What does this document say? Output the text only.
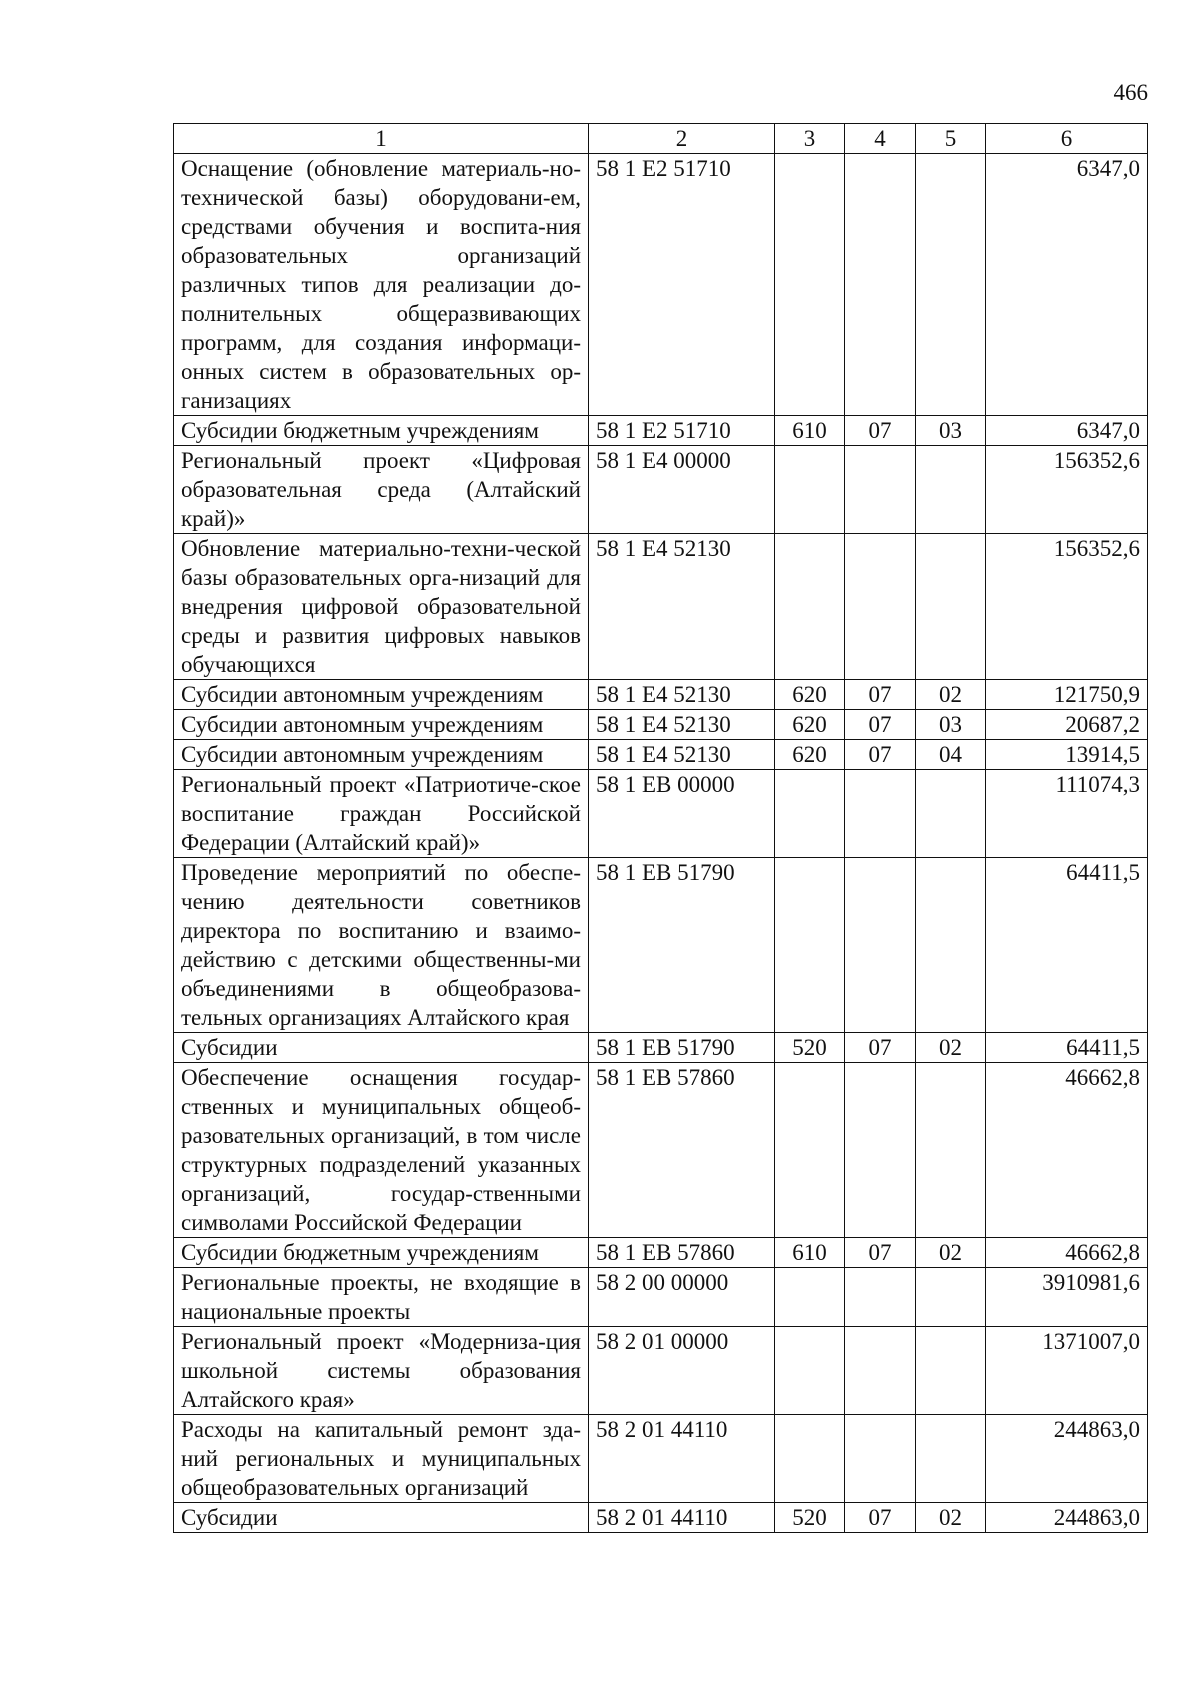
466
1	2	3	4	5	6
Оснащение (обновление материаль-но-технической базы) оборудовани-ем, средствами обучения и воспита-ния образовательных организаций различных типов для реализации до-полнительных общеразвивающих программ, для создания информаци-онных систем в образовательных ор-ганизациях	58 1 E2 51710				6347,0
Субсидии бюджетным учреждениям	58 1 E2 51710	610	07	03	6347,0
Региональный проект «Цифровая образовательная среда (Алтайский край)»	58 1 E4 00000				156352,6
Обновление материально-техни-ческой базы образовательных орга-низаций для внедрения цифровой образовательной среды и развития цифровых навыков обучающихся	58 1 E4 52130				156352,6
Субсидии автономным учреждениям	58 1 E4 52130	620	07	02	121750,9
Субсидии автономным учреждениям	58 1 E4 52130	620	07	03	20687,2
Субсидии автономным учреждениям	58 1 E4 52130	620	07	04	13914,5
Региональный проект «Патриотиче-ское воспитание граждан Российской Федерации (Алтайский край)»	58 1 EB 00000				111074,3
Проведение мероприятий по обеспе-чению деятельности советников директора по воспитанию и взаимо-действию с детскими общественны-ми объединениями в общеобразова-тельных организациях Алтайского края	58 1 EB 51790				64411,5
Субсидии	58 1 EB 51790	520	07	02	64411,5
Обеспечение оснащения государ-ственных и муниципальных общеоб-разовательных организаций, в том числе структурных подразделений указанных организаций, государ-ственными символами Российской Федерации	58 1 EB 57860				46662,8
Субсидии бюджетным учреждениям	58 1 EB 57860	610	07	02	46662,8
Региональные проекты, не входящие в национальные проекты	58 2 00 00000				3910981,6
Региональный проект «Модерниза-ция школьной системы образования Алтайского края»	58 2 01 00000				1371007,0
Расходы на капитальный ремонт зда-ний региональных и муниципальных общеобразовательных организаций	58 2 01 44110				244863,0
Субсидии	58 2 01 44110	520	07	02	244863,0
